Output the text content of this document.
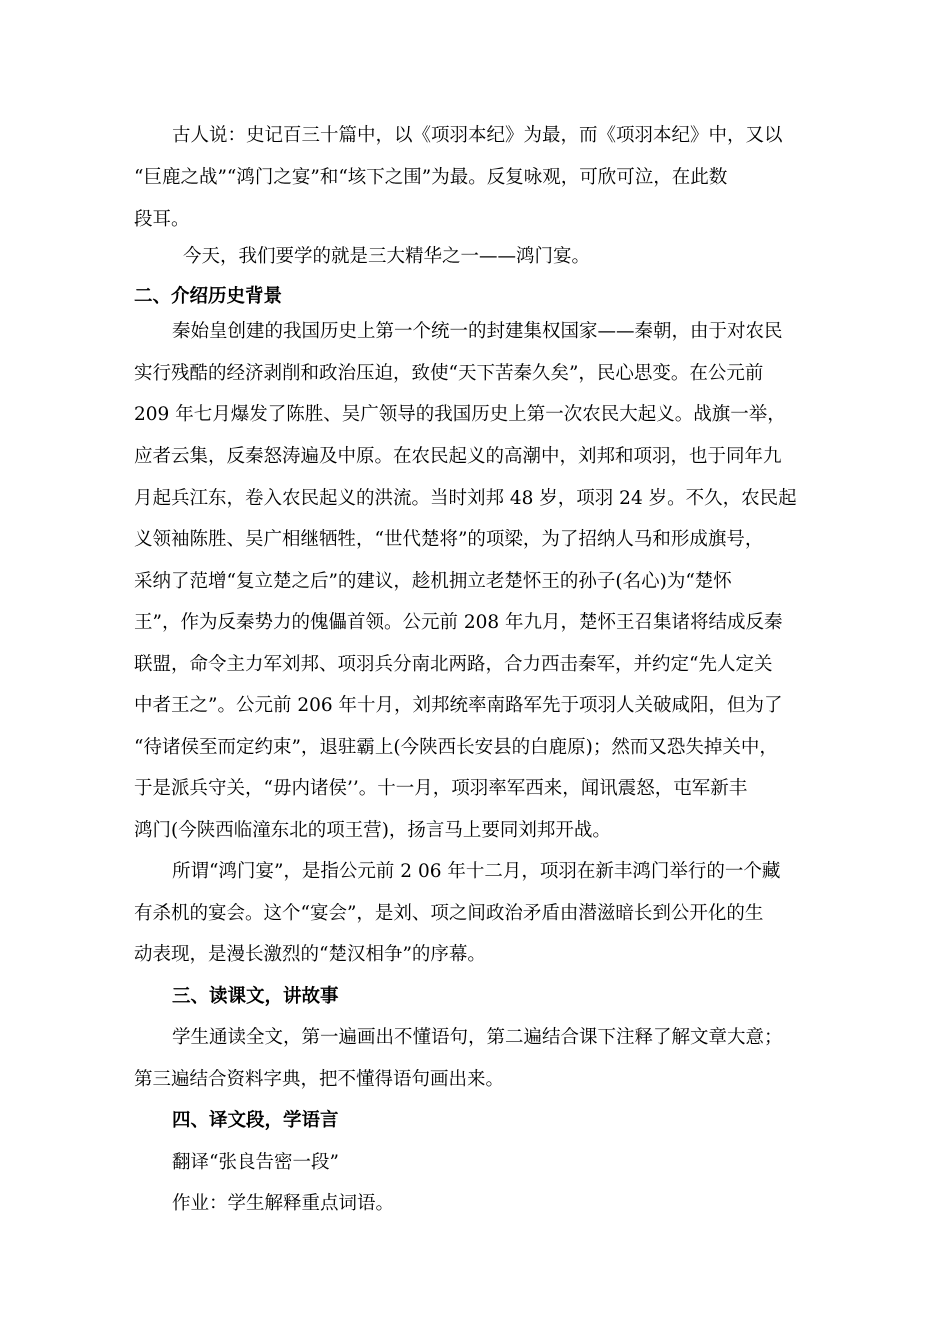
古人说：史记百三十篇中，以《项羽本纪》为最，而《项羽本纪》中，又以
“巨鹿之战”“鸿门之宴”和“垓下之围”为最。反复咏观，可欣可泣，在此数
段耳。
今天，我们要学的就是三大精华之一——鸿门宴。
二、介绍历史背景
秦始皇创建的我国历史上第一个统一的封建集权国家——秦朝，由于对农民
实行残酷的经济剥削和政治压迫，致使“天下苦秦久矣”，民心思变。在公元前
209 年七月爆发了陈胜、吴广领导的我国历史上第一次农民大起义。战旗一举，
应者云集，反秦怒涛遍及中原。在农民起义的高潮中，刘邦和项羽，也于同年九
月起兵江东，卷入农民起义的洪流。当时刘邦 48 岁，项羽 24 岁。不久，农民起
义领袖陈胜、吴广相继牺牲，“世代楚将”的项梁，为了招纳人马和形成旗号，
采纳了范增“复立楚之后”的建议，趁机拥立老楚怀王的孙子(名心)为“楚怀
王”，作为反秦势力的傀儡首领。公元前 208 年九月，楚怀王召集诸将结成反秦
联盟，命令主力军刘邦、项羽兵分南北两路，合力西击秦军，并约定“先人定关
中者王之”。公元前 206 年十月，刘邦统率南路军先于项羽人关破咸阳，但为了
“待诸侯至而定约束”，退驻霸上(今陕西长安县的白鹿原)；然而又恐失掉关中，
于是派兵守关，“毋内诸侯’’。十一月，项羽率军西来，闻讯震怒，屯军新丰
鸿门(今陕西临潼东北的项王营)，扬言马上要同刘邦开战。
所谓“鸿门宴”，是指公元前 2 06 年十二月，项羽在新丰鸿门举行的一个藏
有杀机的宴会。这个“宴会”，是刘、项之间政治矛盾由潜滋暗长到公开化的生
动表现，是漫长激烈的“楚汉相争”的序幕。
三、读课文，讲故事
学生通读全文，第一遍画出不懂语句，第二遍结合课下注释了解文章大意；
第三遍结合资料字典，把不懂得语句画出来。
四、译文段，学语言
翻译“张良告密一段”
作业：学生解释重点词语。
